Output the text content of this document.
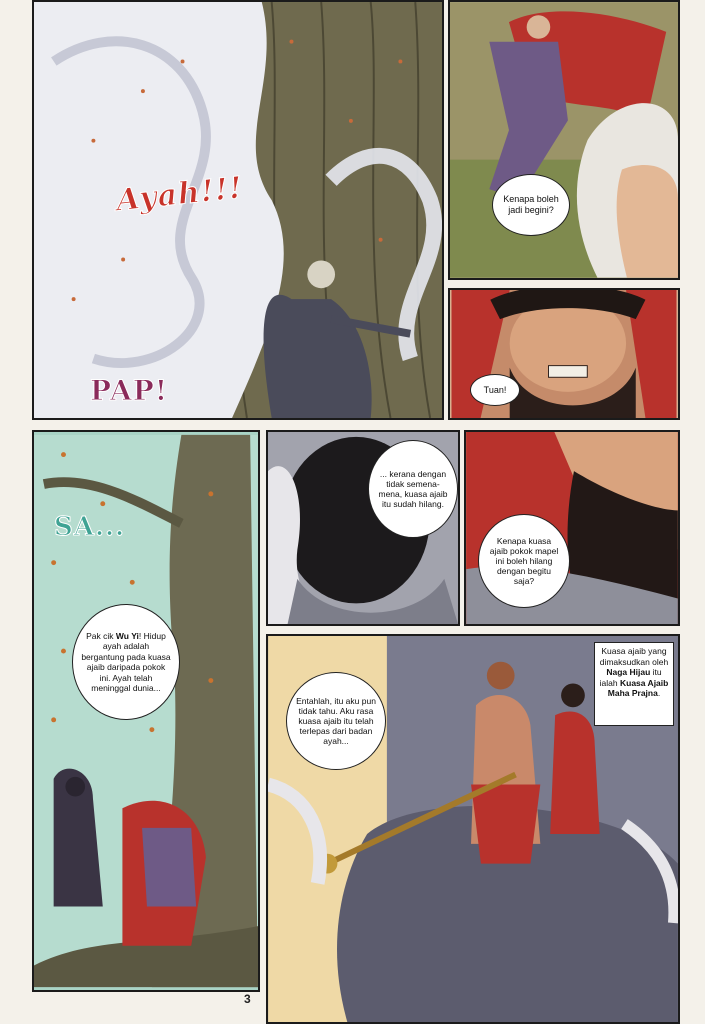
Ayah!!!
PAP!
Kenapa boleh jadi begini?
Tuan!
SA...
Pak cik Wu Yi! Hidup ayah adalah bergantung pada kuasa ajaib daripada pokok ini. Ayah telah meninggal dunia...
... kerana dengan tidak semena-mena, kuasa ajaib itu sudah hilang.
Kenapa kuasa ajaib pokok mapel ini boleh hilang dengan begitu saja?
Entahlah, itu aku pun tidak tahu. Aku rasa kuasa ajaib itu telah terlepas dari badan ayah...
Kuasa ajaib yang dimaksudkan oleh Naga Hijau itu ialah Kuasa Ajaib Maha Prajna.
3
